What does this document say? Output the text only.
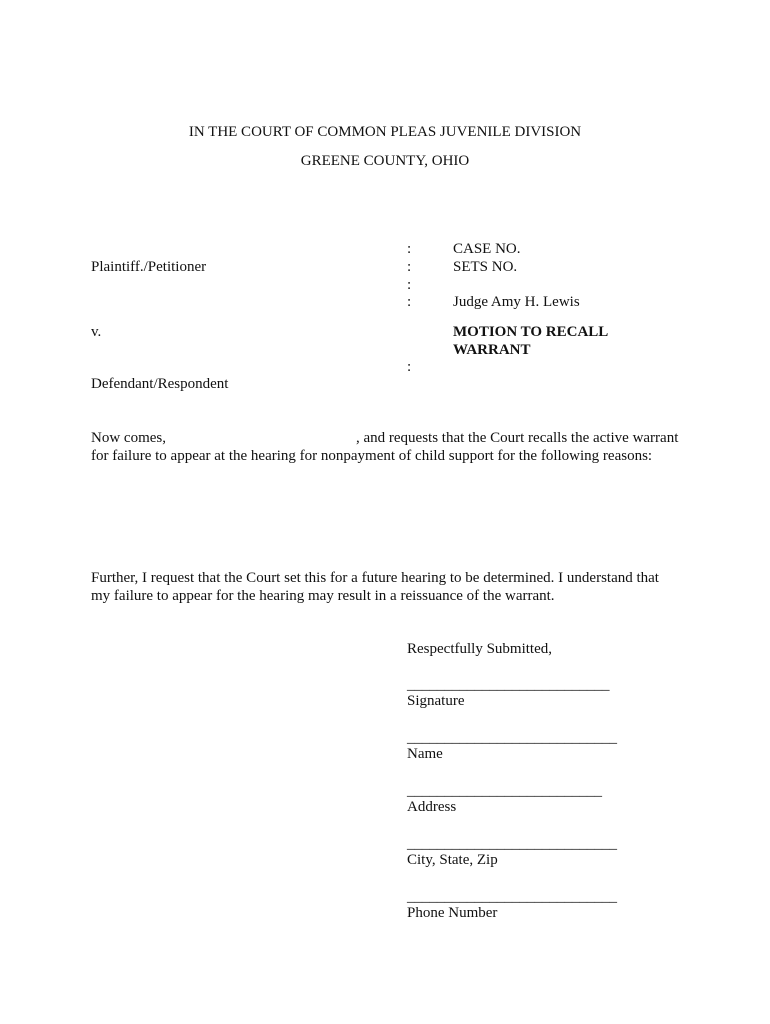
IN THE COURT OF COMMON PLEAS JUVENILE DIVISION
GREENE COUNTY, OHIO
:
:
:
:
:
Plaintiff./Petitioner
v.
Defendant/Respondent
CASE NO.
SETS NO.
Judge Amy H. Lewis
MOTION TO RECALL
WARRANT
Now comes,	, and requests that the Court recalls the active warrant for failure to appear at the hearing for nonpayment of child support for the following reasons:
Further, I request that the Court set this for a future hearing to be determined. I understand that my failure to appear for the hearing may result in a reissuance of the warrant.
Respectfully Submitted,
___________________________
Signature
____________________________
Name
__________________________
Address
____________________________
City, State, Zip
____________________________
Phone Number
